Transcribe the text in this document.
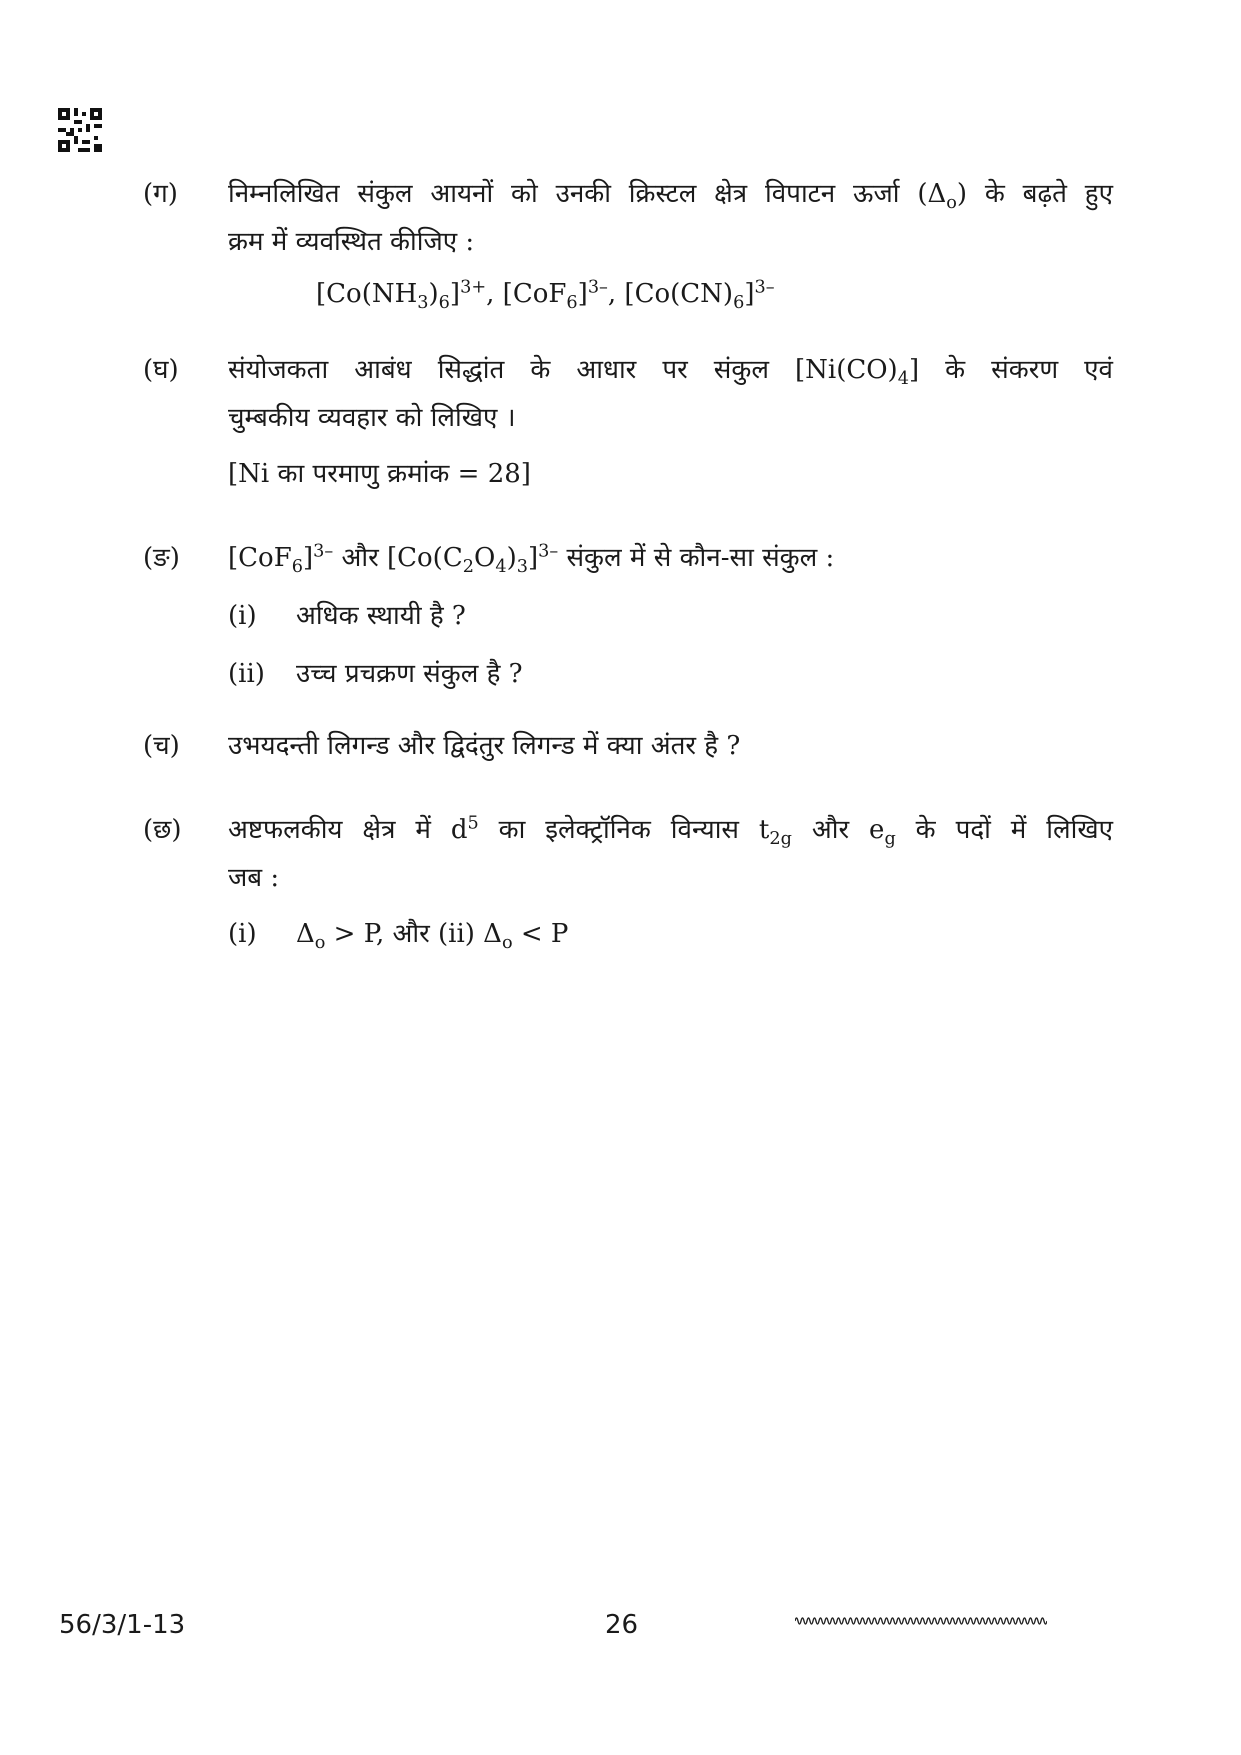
(ग) निम्नलिखित संकुल आयनों को उनकी क्रिस्टल क्षेत्र विपाटन ऊर्जा $(\Delta_o)$ के बढ़ते हुए
क्रम में व्यवस्थित कीजिए :
$[Co(NH_3)_6]^{3+}$, $[CoF_6]^{3-}$, $[Co(CN)_6]^{3-}$
(घ) संयोजकता आबंध सिद्धांत के आधार पर संकुल $[Ni(CO)_4]$ के संकरण एवं
चुम्बकीय व्यवहार को लिखिए ।
[Ni का परमाणु क्रमांक = 28]
(ङ) $[CoF_6]^{3-}$ और $[Co(C_2O_4)_3]^{3-}$ संकुल में से कौन-सा संकुल :
(i) अधिक स्थायी है ?
(ii) उच्च प्रचक्रण संकुल है ?
(च) उभयदन्ती लिगन्ड और द्विदंतुर लिगन्ड में क्या अंतर है ?
(छ) अष्टफलकीय क्षेत्र में $d^5$ का इलेक्ट्रॉनिक विन्यास $t_{2g}$ और $e_g$ के पदों में लिखिए
जब :
(i) $\Delta_o > P$, और (ii) $\Delta_o < P$
56/3/1-13	26
